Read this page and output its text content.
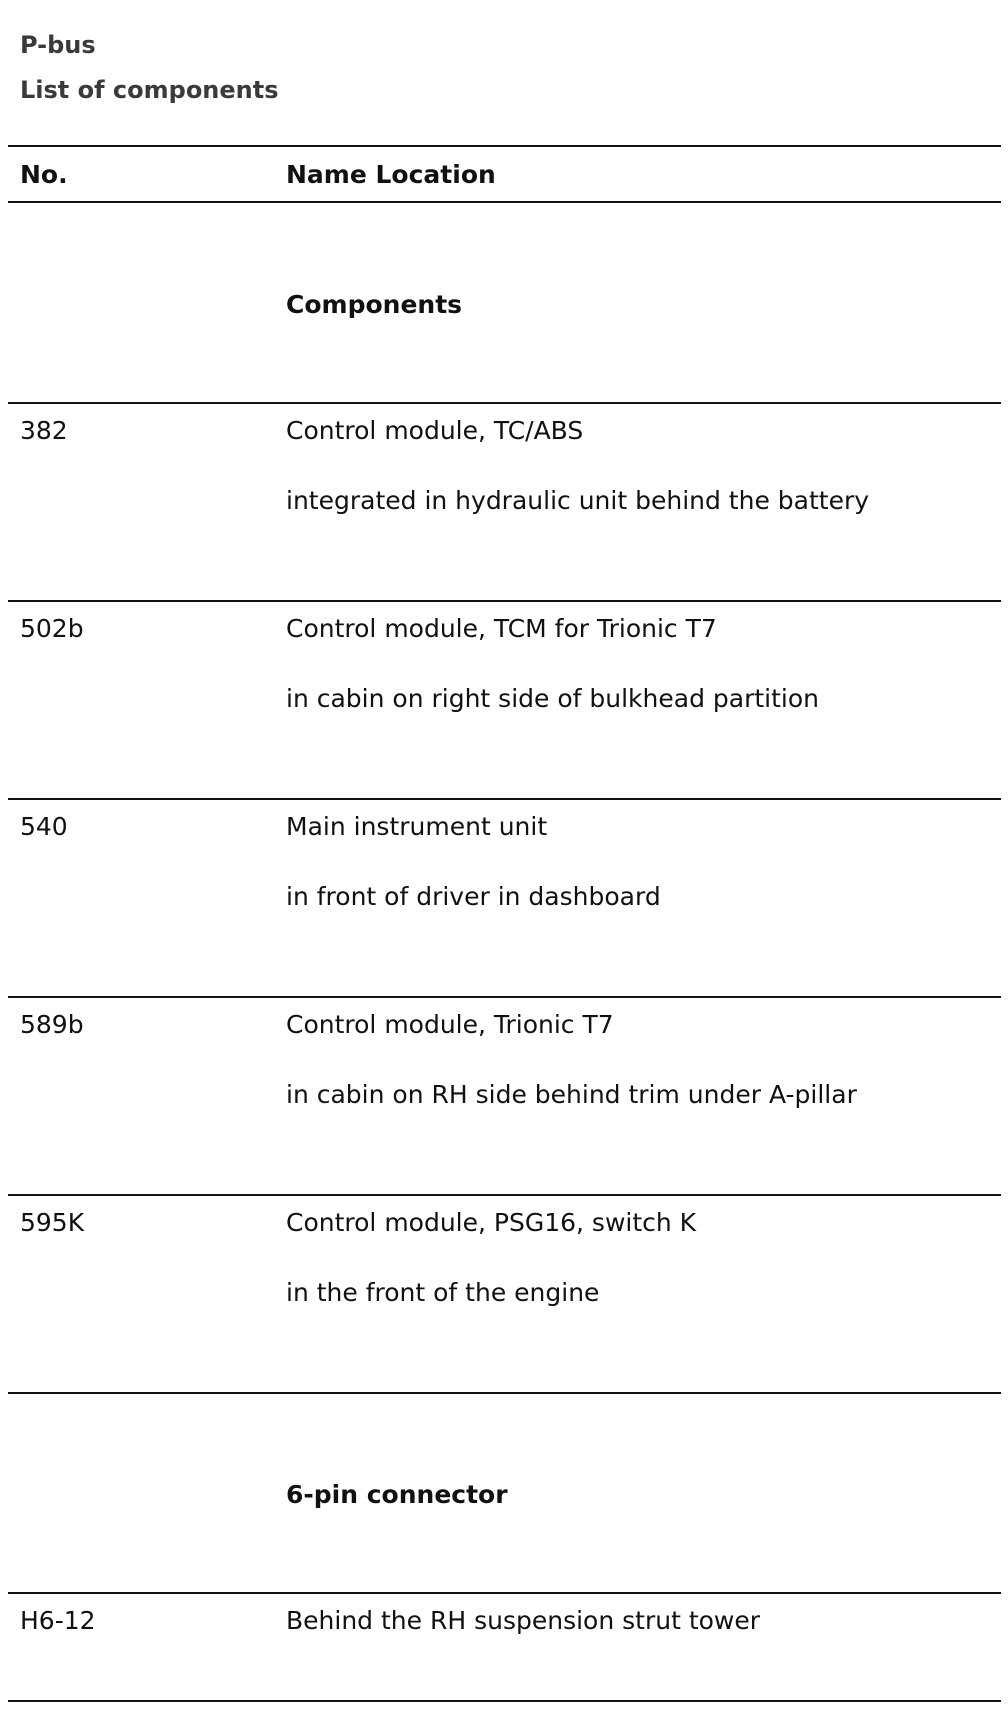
P-bus
List of components
No.	Name Location
Components
382	Control module, TC/ABS
integrated in hydraulic unit behind the battery
502b	Control module, TCM for Trionic T7
in cabin on right side of bulkhead partition
540	Main instrument unit
in front of driver in dashboard
589b	Control module, Trionic T7
in cabin on RH side behind trim under A-pillar
595K	Control module, PSG16, switch K
in the front of the engine
6-pin connector
H6-12	Behind the RH suspension strut tower
